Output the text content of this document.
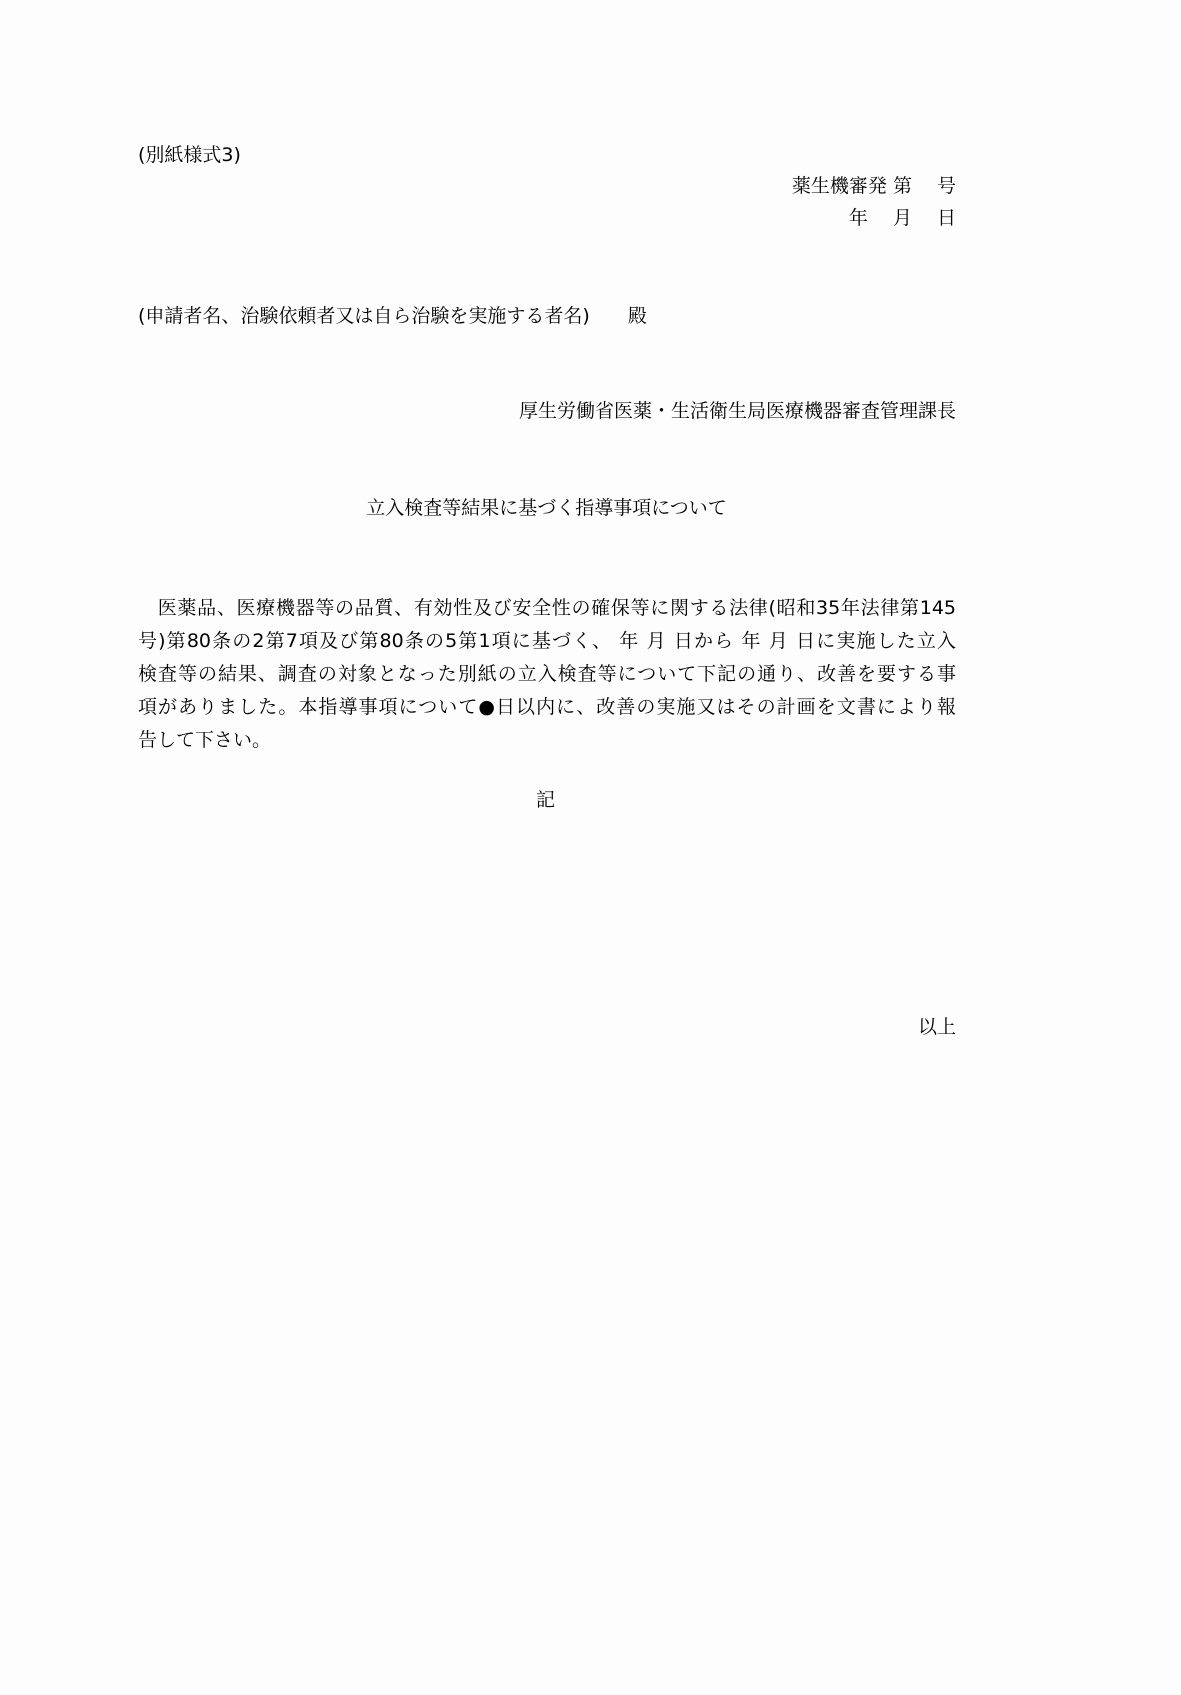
(別紙様式3)
薬生機審発 第　 号
年　 月　 日
(申請者名、治験依頼者又は自ら治験を実施する者名)　　殿
厚生労働省医薬・生活衛生局医療機器審査管理課長
立入検査等結果に基づく指導事項について
　医薬品、医療機器等の品質、有効性及び安全性の確保等に関する法律(昭和35年法律第145
号)第80条の2第7項及び第80条の5第1項に基づく、 年 月 日から 年 月 日に実施した立入
検査等の結果、調査の対象となった別紙の立入検査等について下記の通り、改善を要する事
項がありました。本指導事項について●日以内に、改善の実施又はその計画を文書により報
告して下さい。
記
以上
